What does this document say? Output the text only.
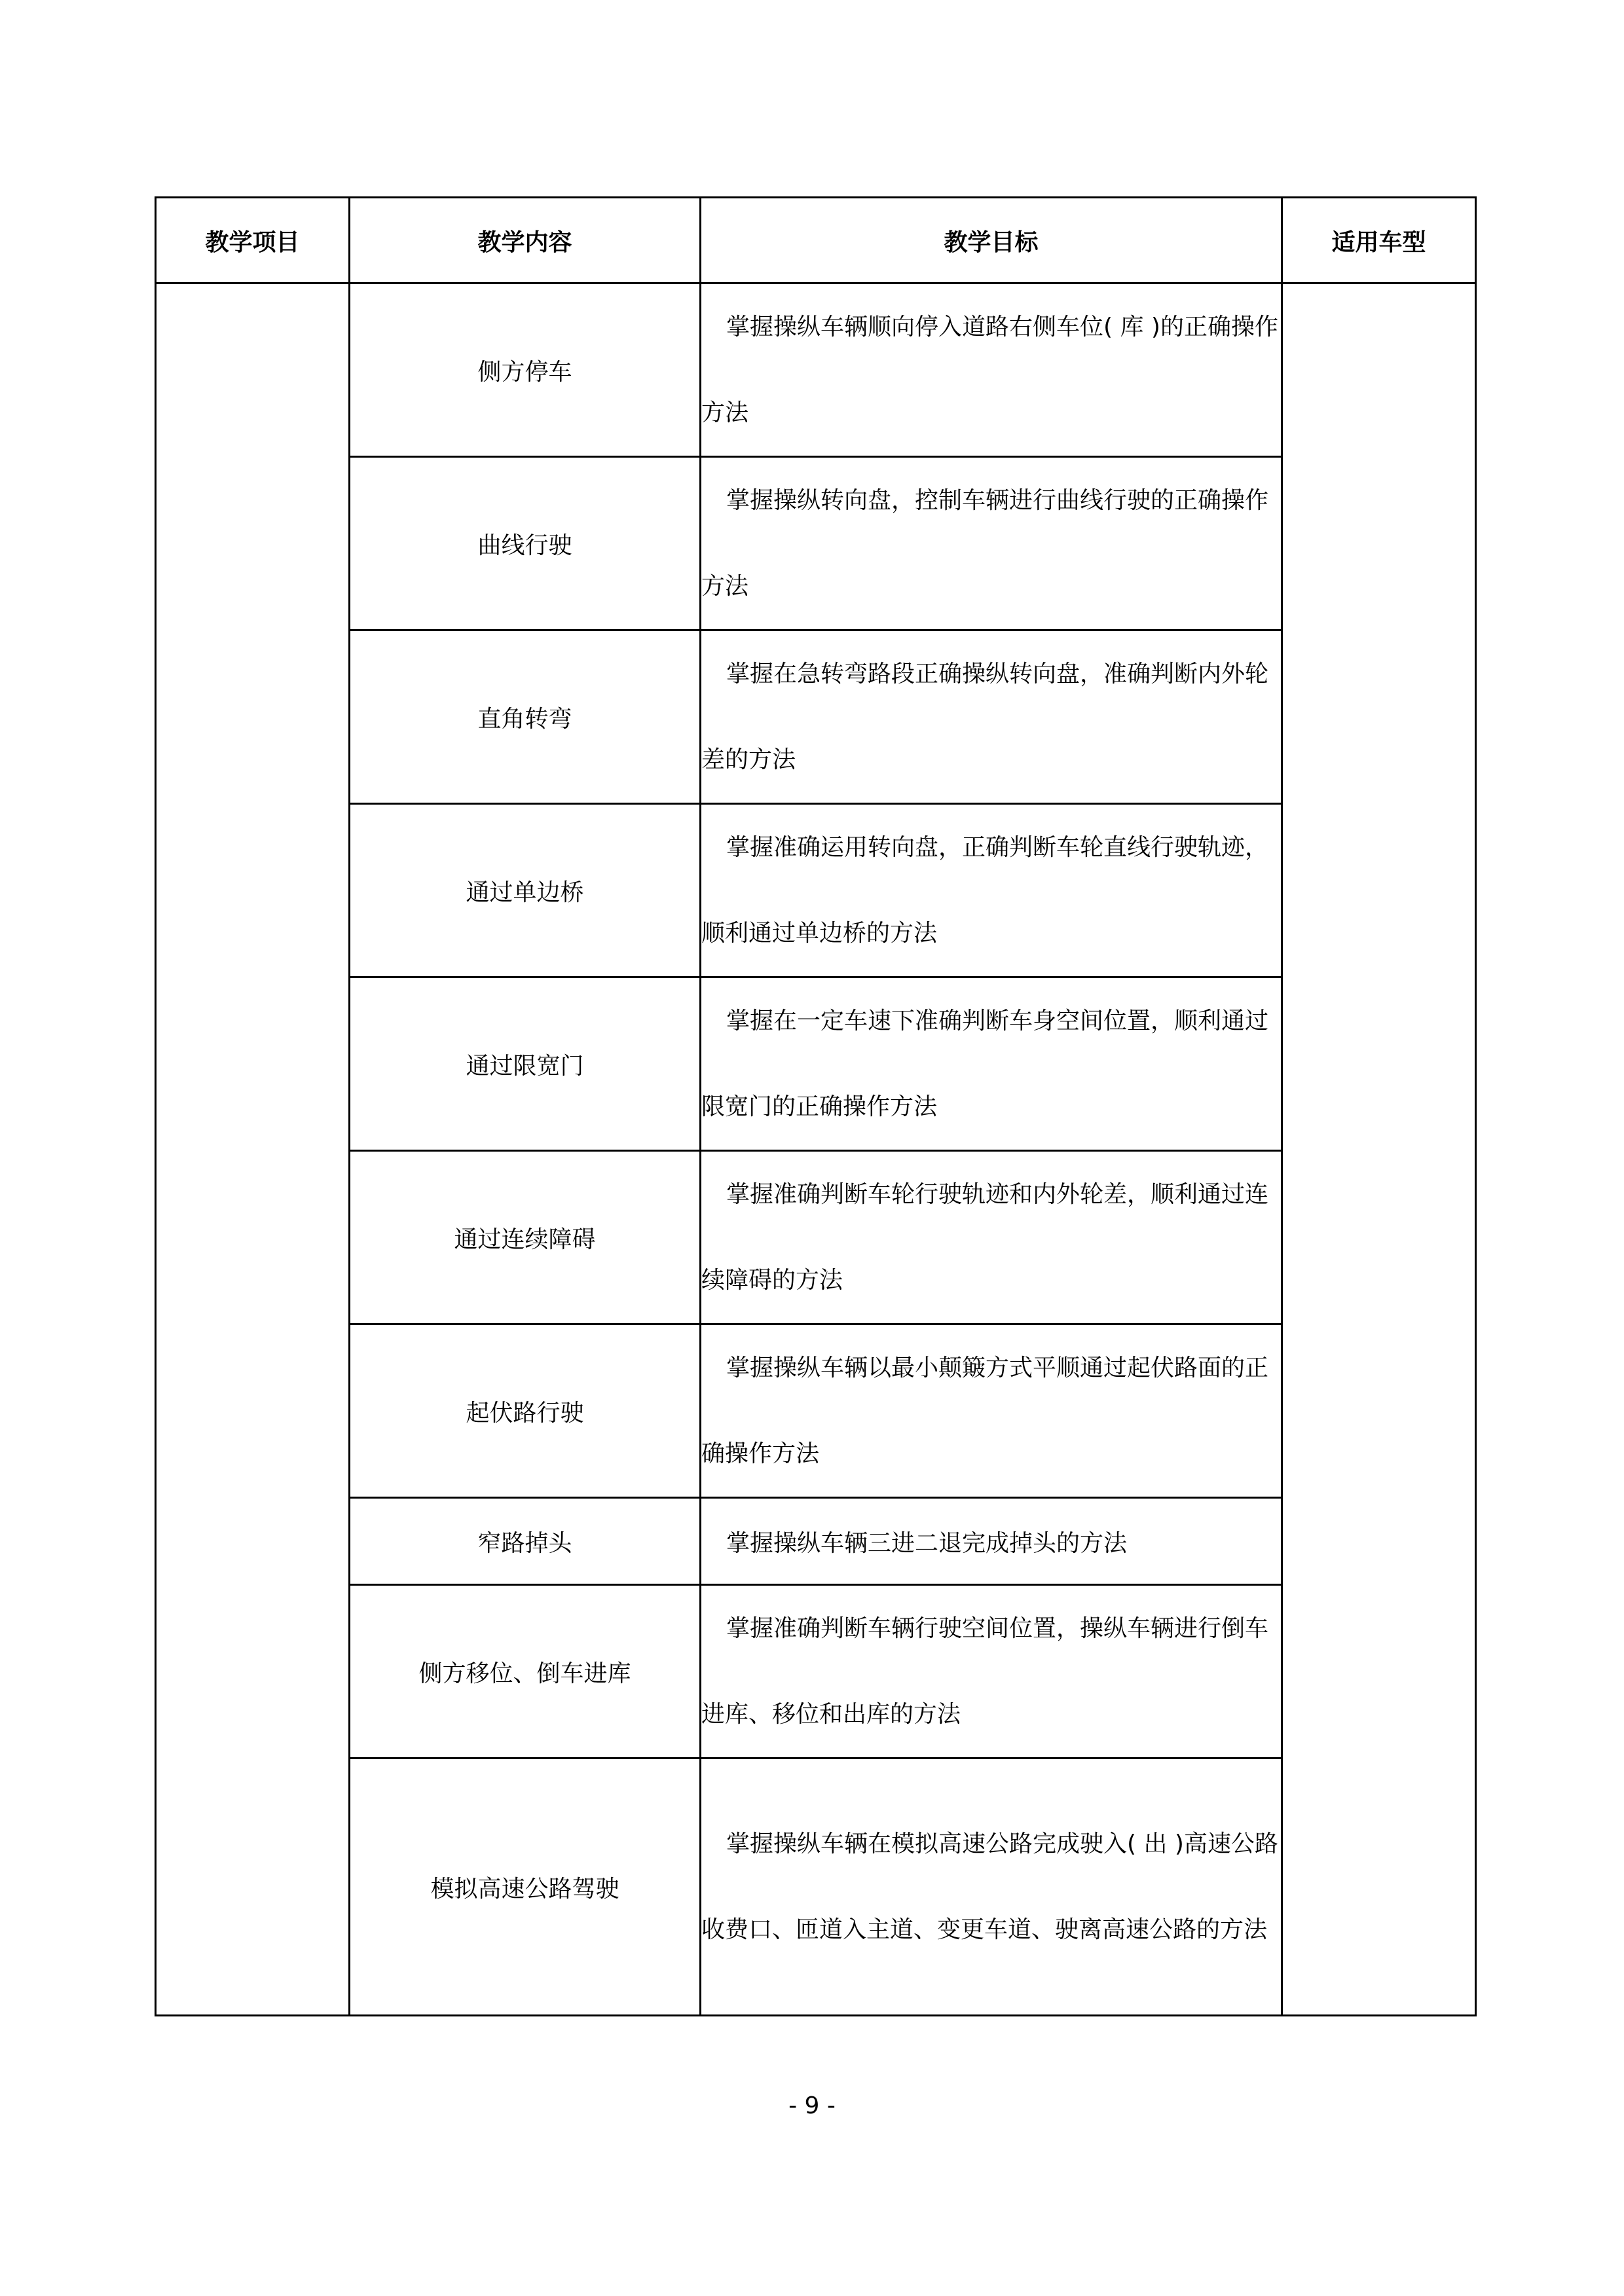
教学项目	教学内容	教学目标	适用车型
	侧方停车	掌握操纵车辆顺向停入道路右侧车位( 库 )的正确操作方法	
	曲线行驶	掌握操纵转向盘，控制车辆进行曲线行驶的正确操作方法	
	直角转弯	掌握在急转弯路段正确操纵转向盘，准确判断内外轮差的方法	
	通过单边桥	掌握准确运用转向盘，正确判断车轮直线行驶轨迹，顺利通过单边桥的方法	
	通过限宽门	掌握在一定车速下准确判断车身空间位置，顺利通过限宽门的正确操作方法	
	通过连续障碍	掌握准确判断车轮行驶轨迹和内外轮差，顺利通过连续障碍的方法	
	起伏路行驶	掌握操纵车辆以最小颠簸方式平顺通过起伏路面的正确操作方法	
	窄路掉头	掌握操纵车辆三进二退完成掉头的方法	
	侧方移位、倒车进库	掌握准确判断车辆行驶空间位置，操纵车辆进行倒车进库、移位和出库的方法	
	模拟高速公路驾驶	掌握操纵车辆在模拟高速公路完成驶入( 出 )高速公路收费口、匝道入主道、变更车道、驶离高速公路的方法	
- 9 -
